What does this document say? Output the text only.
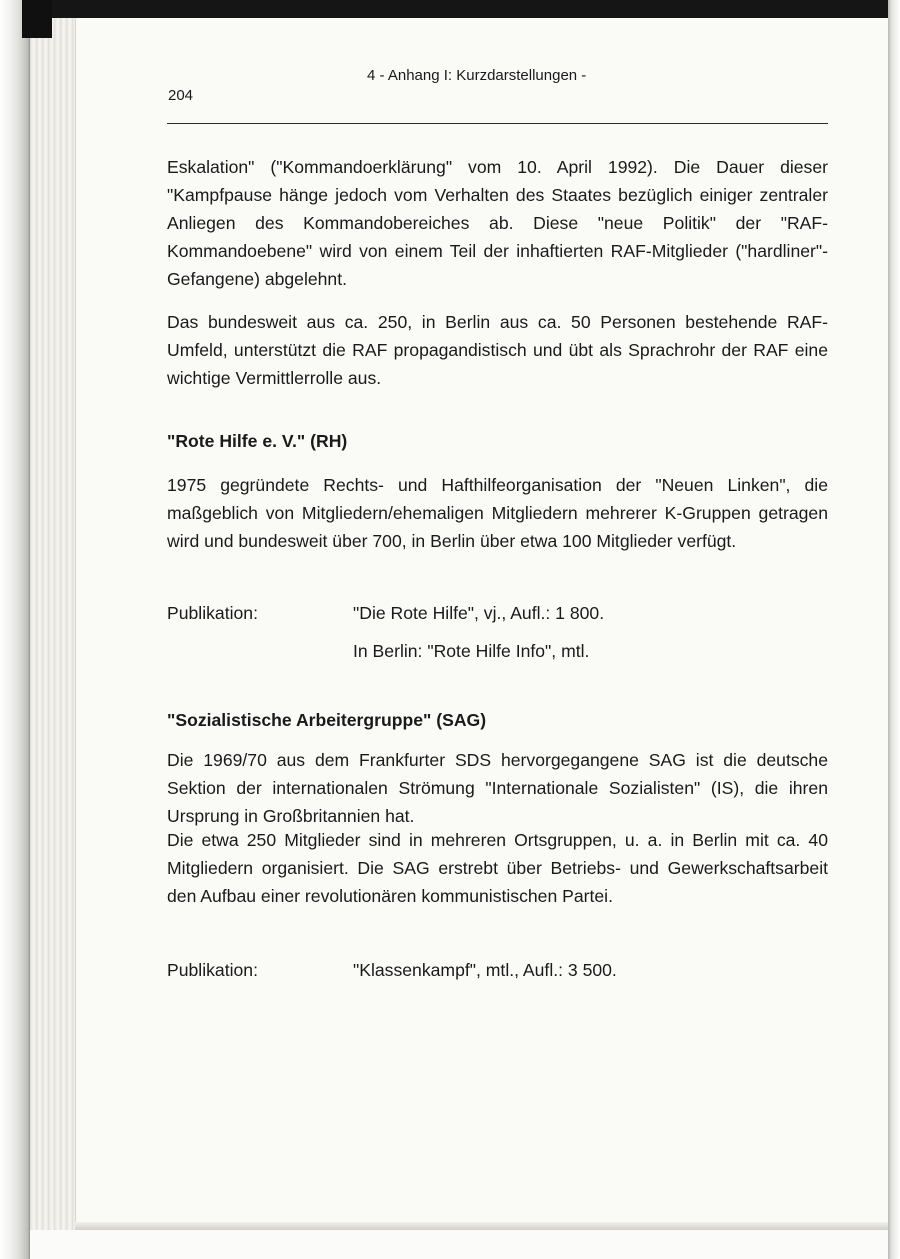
204
4 - Anhang I: Kurzdarstellungen -

Eskalation" ("Kommandoerklärung" vom 10. April 1992). Die Dauer dieser "Kampfpause hänge jedoch vom Verhalten des Staates bezüglich einiger zentraler Anliegen des Kommandobereiches ab. Diese "neue Politik" der "RAF-Kommandoebene" wird von einem Teil der inhaftierten RAF-Mitglieder ("hardliner"-Gefangene) abgelehnt.

Das bundesweit aus ca. 250, in Berlin aus ca. 50 Personen bestehende RAF-Umfeld, unterstützt die RAF propagandistisch und übt als Sprachrohr der RAF eine wichtige Vermittlerrolle aus.

"Rote Hilfe e. V." (RH)

1975 gegründete Rechts- und Hafthilfeorganisation der "Neuen Linken", die maßgeblich von Mitgliedern/ehemaligen Mitgliedern mehrerer K-Gruppen getragen wird und bundesweit über 700, in Berlin über etwa 100 Mitglieder verfügt.

Publikation:	"Die Rote Hilfe", vj., Aufl.: 1 800.
In Berlin: "Rote Hilfe Info", mtl.
"Sozialistische Arbeitergruppe" (SAG)

Die 1969/70 aus dem Frankfurter SDS hervorgegangene SAG ist die deutsche Sektion der internationalen Strömung "Internationale Sozialisten" (IS), die ihren Ursprung in Großbritannien hat.

Die etwa 250 Mitglieder sind in mehreren Ortsgruppen, u. a. in Berlin mit ca. 40 Mitgliedern organisiert. Die SAG erstrebt über Betriebs- und Gewerkschaftsarbeit den Aufbau einer revolutionären kommunistischen Partei.

Publikation:	"Klassenkampf", mtl., Aufl.: 3 500.
